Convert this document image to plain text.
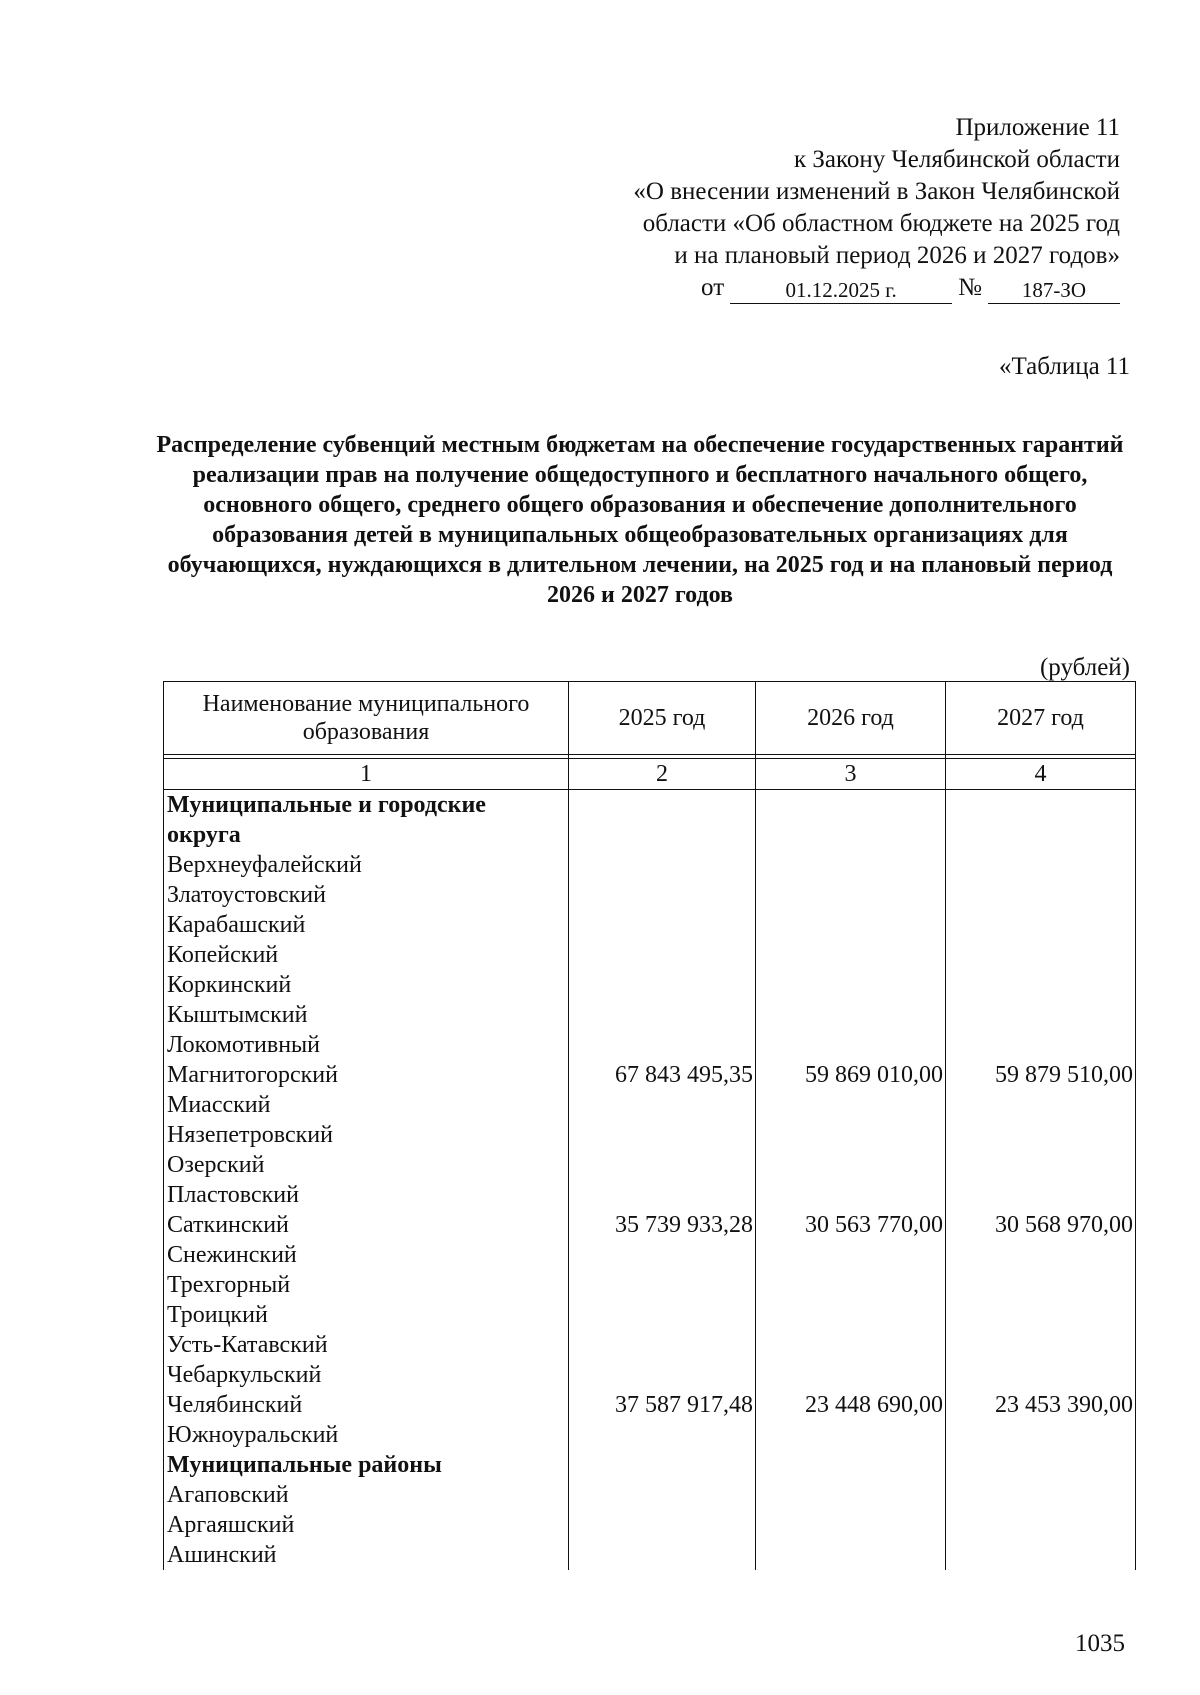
Приложение 11
к Закону Челябинской области
«О внесении изменений в Закон Челябинской
области «Об областном бюджете на 2025 год
и на плановый период 2026 и 2027 годов»
от	01.12.2025 г.	№	187-ЗО
«Таблица 11
Распределение субвенций местным бюджетам на обеспечение государственных гарантий реализации прав на получение общедоступного и бесплатного начального общего, основного общего, среднего общего образования и обеспечение дополнительного образования детей в муниципальных общеобразовательных организациях для обучающихся, нуждающихся в длительном лечении, на 2025 год и на плановый период 2026 и 2027 годов
(рублей)
Наименование муниципального образования	2025 год	2026 год	2027 год

1	2	3	4
Муниципальные и городские			
округа			
Верхнеуфалейский			
Златоустовский			
Карабашский			
Копейский			
Коркинский			
Кыштымский			
Локомотивный			
Магнитогорский	67 843 495,35	59 869 010,00	59 879 510,00
Миасский			
Нязепетровский			
Озерский			
Пластовский			
Саткинский	35 739 933,28	30 563 770,00	30 568 970,00
Снежинский			
Трехгорный			
Троицкий			
Усть-Катавский			
Чебаркульский			
Челябинский	37 587 917,48	23 448 690,00	23 453 390,00
Южноуральский			
Муниципальные районы			
Агаповский			
Аргаяшский			
Ашинский			
1035
